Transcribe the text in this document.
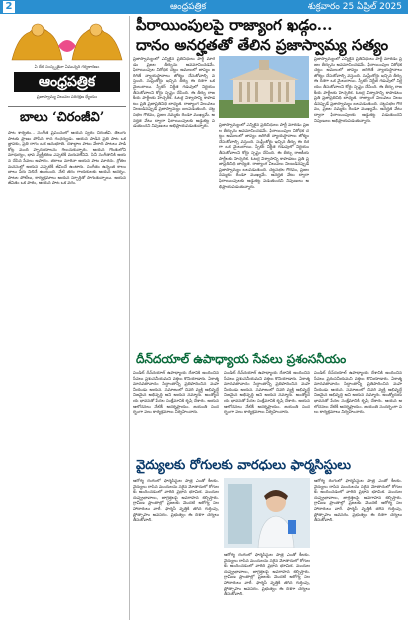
2	ఆంధ్రపత్రిక	శుక్రవారం 25 ఏప్రిల్ 2025
ఏ దేశ సంస్కృతైనా ఏమున్నది గర్వకారణం
ఆంధ్రపత్రిక
ప్రజాస్వామ్య విలువల పరిరక్షణ ధ్యేయం
బాలు ‘చిరంజీవి’
పాట శాశ్వతం... సంగీత ప్రపంచంలో ఆయన స్వరం చిరంజీవి. తెలుగు పాటకు ప్రాణం పోసిన గాన గంధర్వుడు. ఆయన పాడిన ప్రతి పాట ఒక జ్ఞాపకం, ప్రతి రాగం ఒక అనుభూతి. దశాబ్దాల పాటు వేలాది పాటలు పాడి కోట్ల మంది హృదయాలను గెలుచుకున్నారు. ఆయన గొంతులోని మాధుర్యం, భావ వ్యక్తీకరణ ఎప్పటికీ మరువలేనివి. సినీ సంగీతానికి ఆయన చేసిన సేవలు అపారం. తరాలు మారినా ఆయన పాట మారదు. శ్రోతల మనసుల్లో ఆయన ఎప్పటికీ జీవించే ఉంటారు. సంగీతం ఉన్నంత కాలం బాలు పేరు నిలిచే ఉంటుంది. నేటి తరం గాయకులకు ఆయన ఆదర్శం. పాటల పోటీలు, కార్యక్రమాలు ఆయన స్ఫూర్తితో సాగుతున్నాయి. ఆయన జీవితం ఒక పాఠం, ఆయన పాట ఒక వరం.
పీరాయింపులపై రాజ్యాంగ ఖడ్గం...
దానం అనర్హతతో తేలిన ప్రజాస్వామ్య సత్యం
ప్రజాస్వామ్యంలో ఎన్నికైన ప్రతినిధులు పార్టీ మారడం ప్రజల తీర్పును అవమానించడమే. ఫిరాయింపుల నిరోధక చట్టం అమలులో జాప్యం జరిగితే న్యాయస్థానాలు జోక్యం చేసుకోవాల్సి వస్తుంది. సుప్రీంకోర్టు ఇచ్చిన తీర్పు ఈ దిశగా ఒక మైలురాయి. స్పీకర్ నిర్ణీత గడువులో నిర్ణయం తీసుకోవాలని కోర్టు స్పష్టం చేసింది. ఈ తీర్పు రాజకీయ పార్టీలకు హెచ్చరిక. ఓటర్ల విశ్వాసాన్ని కాపాడటం ప్రతి ప్రజాప్రతినిధి బాధ్యత. రాజ్యాంగ విలువలు నిలబడినప్పుడే ప్రజాస్వామ్యం బలపడుతుంది. చట్టసభల గౌరవం, ప్రజల నమ్మకం రెండూ ముఖ్యమే. అనర్హత వేటు ద్వారా ఫిరాయింపులకు అడ్డుకట్ట పడుతుందని నిపుణులు అభిప్రాయపడుతున్నారు.	ప్రజాస్వామ్యంలో ఎన్నికైన ప్రతినిధులు పార్టీ మారడం ప్రజల తీర్పును అవమానించడమే. ఫిరాయింపుల నిరోధక చట్టం అమలులో జాప్యం జరిగితే న్యాయస్థానాలు జోక్యం చేసుకోవాల్సి వస్తుంది. సుప్రీంకోర్టు ఇచ్చిన తీర్పు ఈ దిశగా ఒక మైలురాయి. స్పీకర్ నిర్ణీత గడువులో నిర్ణయం తీసుకోవాలని కోర్టు స్పష్టం చేసింది. ఈ తీర్పు రాజకీయ పార్టీలకు హెచ్చరిక. ఓటర్ల విశ్వాసాన్ని కాపాడటం ప్రతి ప్రజాప్రతినిధి బాధ్యత. రాజ్యాంగ విలువలు నిలబడినప్పుడే ప్రజాస్వామ్యం బలపడుతుంది. చట్టసభల గౌరవం, ప్రజల నమ్మకం రెండూ ముఖ్యమే. అనర్హత వేటు ద్వారా ఫిరాయింపులకు అడ్డుకట్ట పడుతుందని నిపుణులు అభిప్రాయపడుతున్నారు.
ప్రజాస్వామ్యంలో ఎన్నికైన ప్రతినిధులు పార్టీ మారడం ప్రజల తీర్పును అవమానించడమే. ఫిరాయింపుల నిరోధక చట్టం అమలులో జాప్యం జరిగితే న్యాయస్థానాలు జోక్యం చేసుకోవాల్సి వస్తుంది. సుప్రీంకోర్టు ఇచ్చిన తీర్పు ఈ దిశగా ఒక మైలురాయి. స్పీకర్ నిర్ణీత గడువులో నిర్ణయం తీసుకోవాలని కోర్టు స్పష్టం చేసింది. ఈ తీర్పు రాజకీయ పార్టీలకు హెచ్చరిక. ఓటర్ల విశ్వాసాన్ని కాపాడటం ప్రతి ప్రజాప్రతినిధి బాధ్యత. రాజ్యాంగ విలువలు నిలబడినప్పుడే ప్రజాస్వామ్యం బలపడుతుంది. చట్టసభల గౌరవం, ప్రజల నమ్మకం రెండూ ముఖ్యమే. అనర్హత వేటు ద్వారా ఫిరాయింపులకు అడ్డుకట్ట పడుతుందని నిపుణులు అభిప్రాయపడుతున్నారు.
దీన్‌దయాల్ ఉపాధ్యాయ సేవలు ప్రశంసనీయం
పండిట్ దీన్‌దయాల్ ఉపాధ్యాయ దేశానికి అందించిన సేవలు ప్రశంసనీయమని వక్తలు కొనియాడారు. ఏకాత్మ మానవతావాదం సిద్ధాంతాన్ని ప్రతిపాదించిన మహనీయుడు ఆయన. సమాజంలో చివరి వ్యక్తి అభివృద్ధే నిజమైన అభివృద్ధి అని ఆయన నమ్మారు. అంత్యోదయ భావనతో పేదల సంక్షేమానికి కృషి చేశారు. ఆయన ఆలోచనలు నేటికీ ఆదర్శప్రాయం. జయంతి సందర్భంగా పలు కార్యక్రమాలు నిర్వహించారు.
పండిట్ దీన్‌దయాల్ ఉపాధ్యాయ దేశానికి అందించిన సేవలు ప్రశంసనీయమని వక్తలు కొనియాడారు. ఏకాత్మ మానవతావాదం సిద్ధాంతాన్ని ప్రతిపాదించిన మహనీయుడు ఆయన. సమాజంలో చివరి వ్యక్తి అభివృద్ధే నిజమైన అభివృద్ధి అని ఆయన నమ్మారు. అంత్యోదయ భావనతో పేదల సంక్షేమానికి కృషి చేశారు. ఆయన ఆలోచనలు నేటికీ ఆదర్శప్రాయం. జయంతి సందర్భంగా పలు కార్యక్రమాలు నిర్వహించారు.
పండిట్ దీన్‌దయాల్ ఉపాధ్యాయ దేశానికి అందించిన సేవలు ప్రశంసనీయమని వక్తలు కొనియాడారు. ఏకాత్మ మానవతావాదం సిద్ధాంతాన్ని ప్రతిపాదించిన మహనీయుడు ఆయన. సమాజంలో చివరి వ్యక్తి అభివృద్ధే నిజమైన అభివృద్ధి అని ఆయన నమ్మారు. అంత్యోదయ భావనతో పేదల సంక్షేమానికి కృషి చేశారు. ఆయన ఆలోచనలు నేటికీ ఆదర్శప్రాయం. జయంతి సందర్భంగా పలు కార్యక్రమాలు నిర్వహించారు.
వైద్యులకు రోగులకు వారధులు ఫార్మసిస్టులు
ఆరోగ్య రంగంలో ఫార్మసిస్టుల పాత్ర ఎంతో కీలకం. వైద్యులు రాసిన మందులను సరైన మోతాదులో రోగులకు అందించడంలో వారిది ప్రధాన భూమిక. మందుల దుష్ప్రభావాలు, జాగ్రత్తలపై అవగాహన కల్పిస్తారు. గ్రామీణ ప్రాంతాల్లో ప్రజలకు మొదటి ఆరోగ్య సలహాదారులు వారే. ఫార్మసీ వృత్తికి తగిన గుర్తింపు, ప్రోత్సాహం అవసరం. ప్రభుత్వం ఈ దిశగా చర్యలు తీసుకోవాలి.
ఆరోగ్య రంగంలో ఫార్మసిస్టుల పాత్ర ఎంతో కీలకం. వైద్యులు రాసిన మందులను సరైన మోతాదులో రోగులకు అందించడంలో వారిది ప్రధాన భూమిక. మందుల దుష్ప్రభావాలు, జాగ్రత్తలపై అవగాహన కల్పిస్తారు. గ్రామీణ ప్రాంతాల్లో ప్రజలకు మొదటి ఆరోగ్య సలహాదారులు వారే. ఫార్మసీ వృత్తికి తగిన గుర్తింపు, ప్రోత్సాహం అవసరం. ప్రభుత్వం ఈ దిశగా చర్యలు తీసుకోవాలి.
ఆరోగ్య రంగంలో ఫార్మసిస్టుల పాత్ర ఎంతో కీలకం. వైద్యులు రాసిన మందులను సరైన మోతాదులో రోగులకు అందించడంలో వారిది ప్రధాన భూమిక. మందుల దుష్ప్రభావాలు, జాగ్రత్తలపై అవగాహన కల్పిస్తారు. గ్రామీణ ప్రాంతాల్లో ప్రజలకు మొదటి ఆరోగ్య సలహాదారులు వారే. ఫార్మసీ వృత్తికి తగిన గుర్తింపు, ప్రోత్సాహం అవసరం. ప్రభుత్వం ఈ దిశగా చర్యలు తీసుకోవాలి.
